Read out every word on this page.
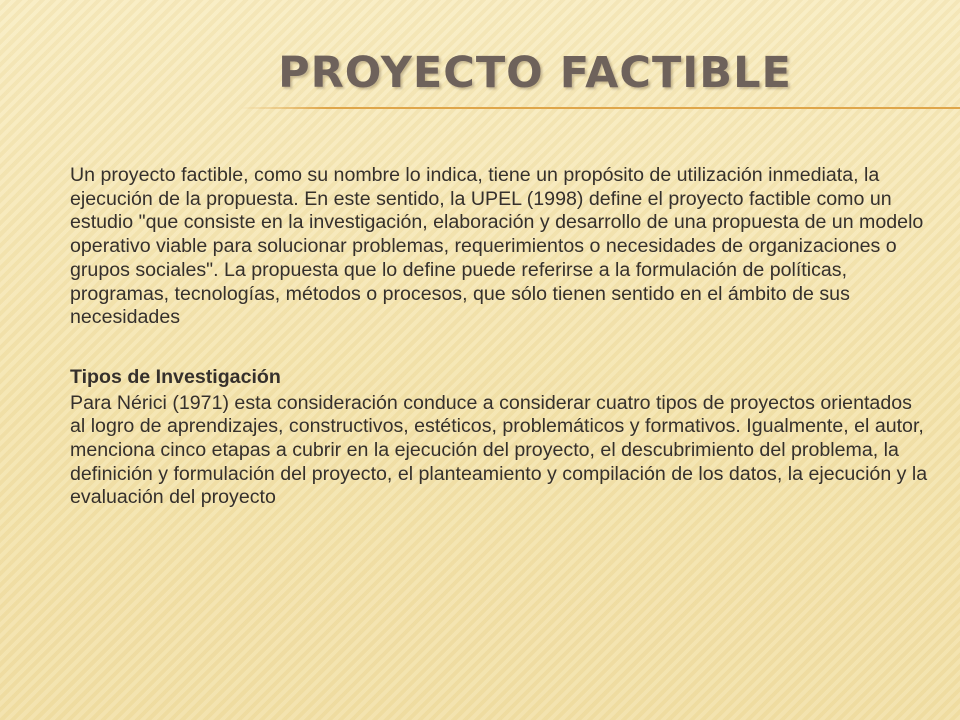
PROYECTO FACTIBLE

Un proyecto factible, como su nombre lo indica, tiene un propósito de utilización inmediata, la ejecución de la propuesta. En este sentido, la UPEL (1998) define el proyecto factible como un estudio "que consiste en la investigación, elaboración y desarrollo de una propuesta de un modelo operativo viable para solucionar problemas, requerimientos o necesidades de organizaciones o grupos sociales". La propuesta que lo define puede referirse a la formulación de políticas, programas, tecnologías, métodos o procesos, que sólo tienen sentido en el ámbito de sus necesidades

Tipos de Investigación

Para Nérici (1971) esta consideración conduce a considerar cuatro tipos de proyectos orientados al logro de aprendizajes, constructivos, estéticos, problemáticos y formativos. Igualmente, el autor, menciona cinco etapas a cubrir en la ejecución del proyecto, el descubrimiento del problema, la definición y formulación del proyecto, el planteamiento y compilación de los datos, la ejecución y la evaluación del proyecto
